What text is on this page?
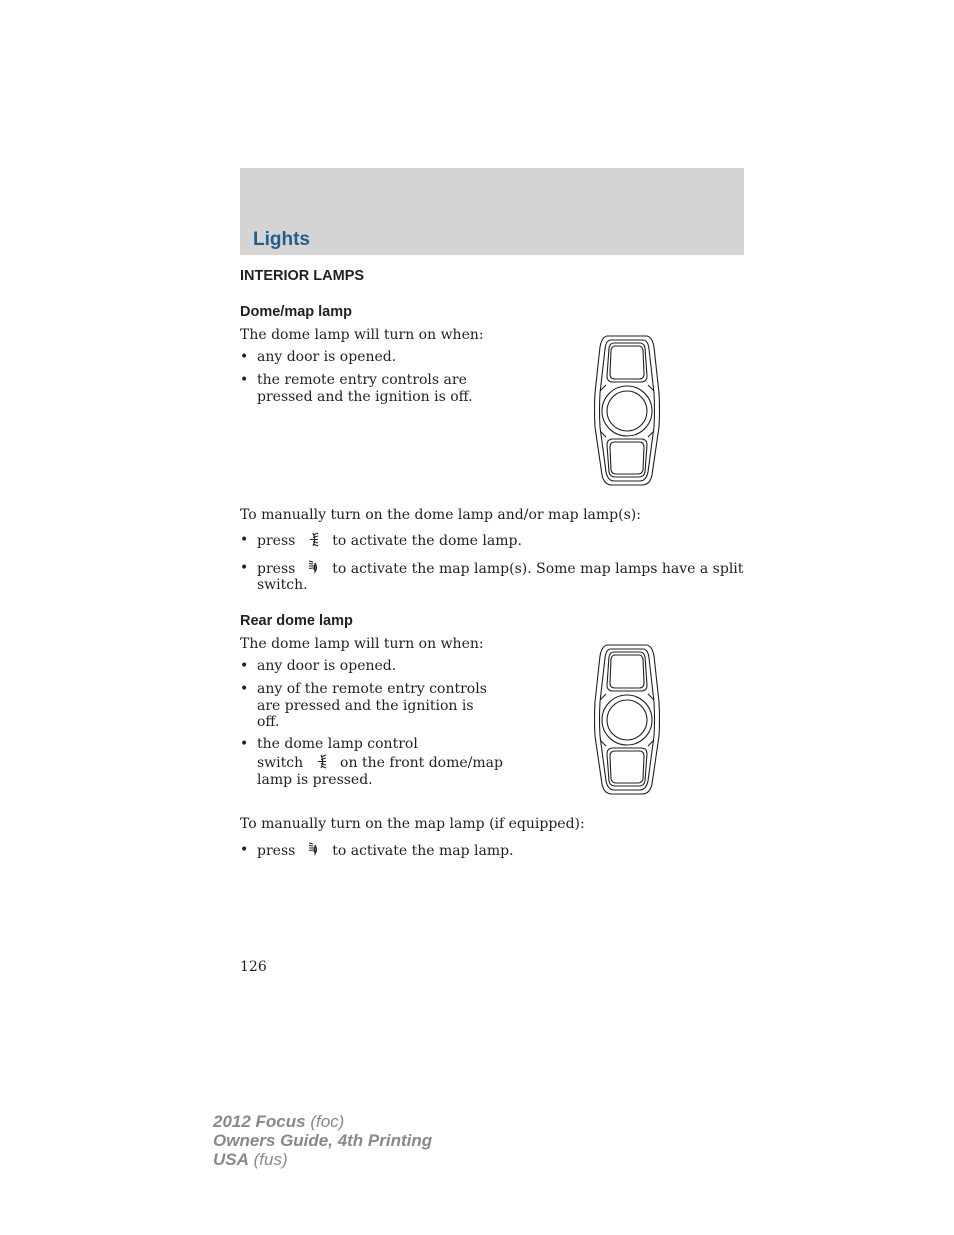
Lights
INTERIOR LAMPS
Dome/map lamp
The dome lamp will turn on when:
• any door is opened.
• the remote entry controls are
pressed and the ignition is off.
To manually turn on the dome lamp and/or map lamp(s):
• press	to activate the dome lamp.
• press	to activate the map lamp(s). Some map lamps have a split
switch.
Rear dome lamp
The dome lamp will turn on when:
• any door is opened.
• any of the remote entry controls
are pressed and the ignition is
off.
• the dome lamp control
switch	on the front dome/map
lamp is pressed.
To manually turn on the map lamp (if equipped):
• press	to activate the map lamp.
126
2012 Focus (foc)
Owners Guide, 4th Printing
USA (fus)
